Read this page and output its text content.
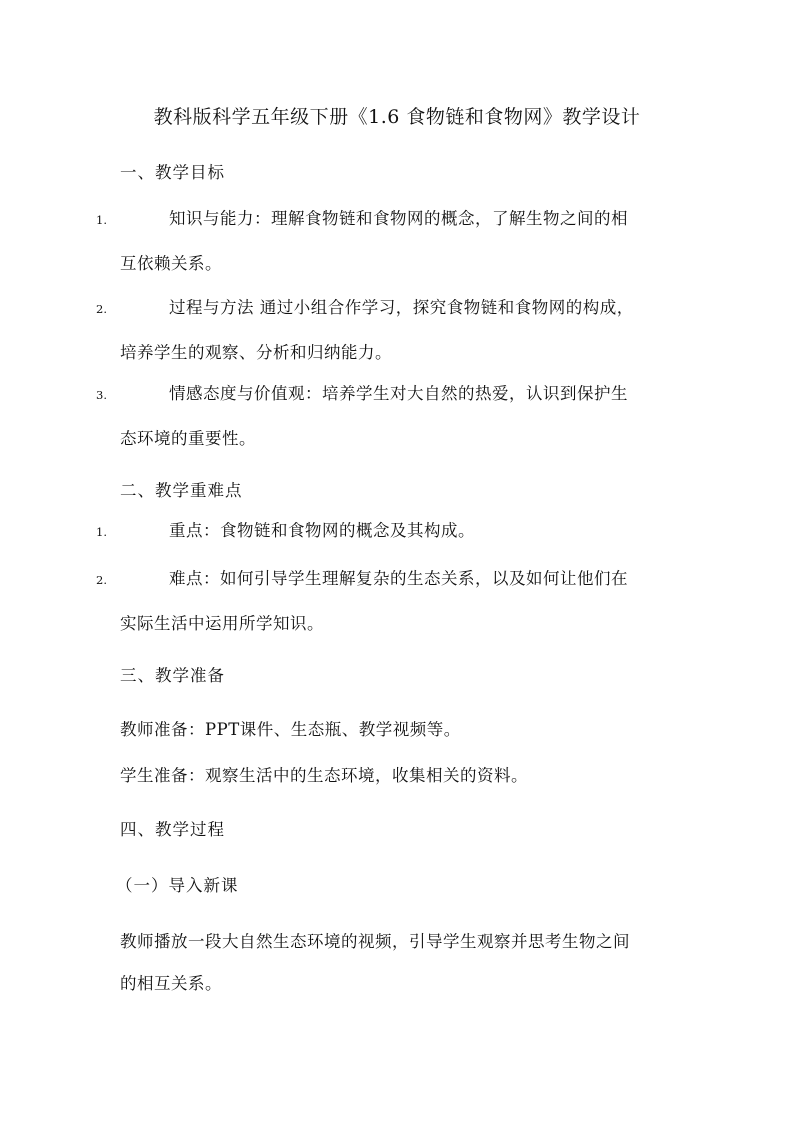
教科版科学五年级下册《1.6 食物链和食物网》教学设计
一、教学目标
1.	知识与能力：理解食物链和食物网的概念，了解生物之间的相
互依赖关系。
2.	过程与方法 通过小组合作学习，探究食物链和食物网的构成，
培养学生的观察、分析和归纳能力。
3.	情感态度与价值观：培养学生对大自然的热爱，认识到保护生
态环境的重要性。
二、教学重难点
1.	重点：食物链和食物网的概念及其构成。
2.	难点：如何引导学生理解复杂的生态关系，以及如何让他们在
实际生活中运用所学知识。
三、教学准备
教师准备：PPT课件、生态瓶、教学视频等。
学生准备：观察生活中的生态环境，收集相关的资料。
四、教学过程
（一）导入新课
教师播放一段大自然生态环境的视频，引导学生观察并思考生物之间
的相互关系。
